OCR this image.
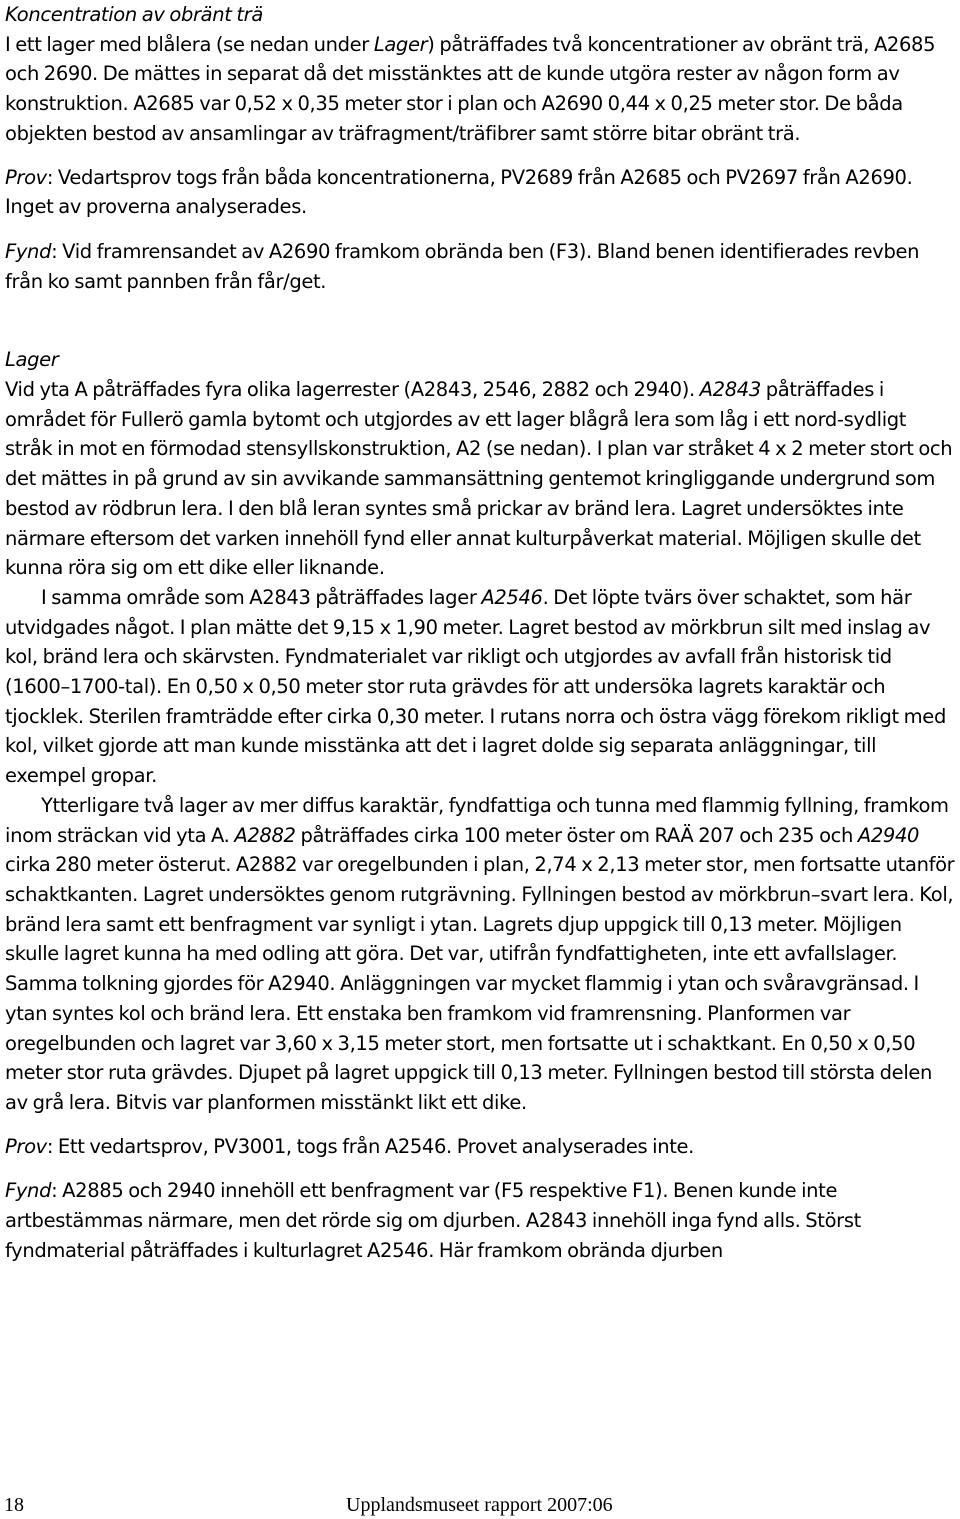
Koncentration av obränt trä
I ett lager med blålera (se nedan under Lager) påträffades två koncentrationer av obränt trä, A2685 och 2690. De mättes in separat då det misstänktes att de kunde utgöra rester av någon form av konstruktion. A2685 var 0,52 x 0,35 meter stor i plan och A2690 0,44 x 0,25 meter stor. De båda objekten bestod av ansamlingar av träfragment/träfibrer samt större bitar obränt trä.
Prov: Vedartsprov togs från båda koncentrationerna, PV2689 från A2685 och PV2697 från A2690. Inget av proverna analyserades.
Fynd: Vid framrensandet av A2690 framkom obrända ben (F3). Bland benen identifierades revben från ko samt pannben från får/get.
Lager
Vid yta A påträffades fyra olika lagerrester (A2843, 2546, 2882 och 2940). A2843 påträffades i området för Fullerö gamla bytomt och utgjordes av ett lager blågrå lera som låg i ett nord-sydligt stråk in mot en förmodad stensyllskonstruktion, A2 (se nedan). I plan var stråket 4 x 2 meter stort och det mättes in på grund av sin avvikande sammansättning gentemot kringliggande undergrund som bestod av rödbrun lera. I den blå leran syntes små prickar av bränd lera. Lagret undersöktes inte närmare eftersom det varken innehöll fynd eller annat kulturpåverkat material. Möjligen skulle det kunna röra sig om ett dike eller liknande.
I samma område som A2843 påträffades lager A2546. Det löpte tvärs över schaktet, som här utvidgades något. I plan mätte det 9,15 x 1,90 meter. Lagret bestod av mörkbrun silt med inslag av kol, bränd lera och skärvsten. Fyndmaterialet var rikligt och utgjordes av avfall från historisk tid (1600–1700-tal). En 0,50 x 0,50 meter stor ruta grävdes för att undersöka lagrets karaktär och tjocklek. Sterilen framträdde efter cirka 0,30 meter. I rutans norra och östra vägg förekom rikligt med kol, vilket gjorde att man kunde misstänka att det i lagret dolde sig separata anläggningar, till exempel gropar.
Ytterligare två lager av mer diffus karaktär, fyndfattiga och tunna med flammig fyllning, framkom inom sträckan vid yta A. A2882 påträffades cirka 100 meter öster om RAÄ 207 och 235 och A2940 cirka 280 meter österut. A2882 var oregelbunden i plan, 2,74 x 2,13 meter stor, men fortsatte utanför schaktkanten. Lagret undersöktes genom rutgrävning. Fyllningen bestod av mörkbrun–svart lera. Kol, bränd lera samt ett benfragment var synligt i ytan. Lagrets djup uppgick till 0,13 meter. Möjligen skulle lagret kunna ha med odling att göra. Det var, utifrån fyndfattigheten, inte ett avfallslager. Samma tolkning gjordes för A2940. Anläggningen var mycket flammig i ytan och svåravgränsad. I ytan syntes kol och bränd lera. Ett enstaka ben framkom vid framrensning. Planformen var oregelbunden och lagret var 3,60 x 3,15 meter stort, men fortsatte ut i schaktkant. En 0,50 x 0,50 meter stor ruta grävdes. Djupet på lagret uppgick till 0,13 meter. Fyllningen bestod till största delen av grå lera. Bitvis var planformen misstänkt likt ett dike.
Prov: Ett vedartsprov, PV3001, togs från A2546. Provet analyserades inte.
Fynd: A2885 och 2940 innehöll ett benfragment var (F5 respektive F1). Benen kunde inte artbestämmas närmare, men det rörde sig om djurben. A2843 innehöll inga fynd alls. Störst fyndmaterial påträffades i kulturlagret A2546. Här framkom obrända djurben
18	Upplandsmuseet rapport 2007:06
